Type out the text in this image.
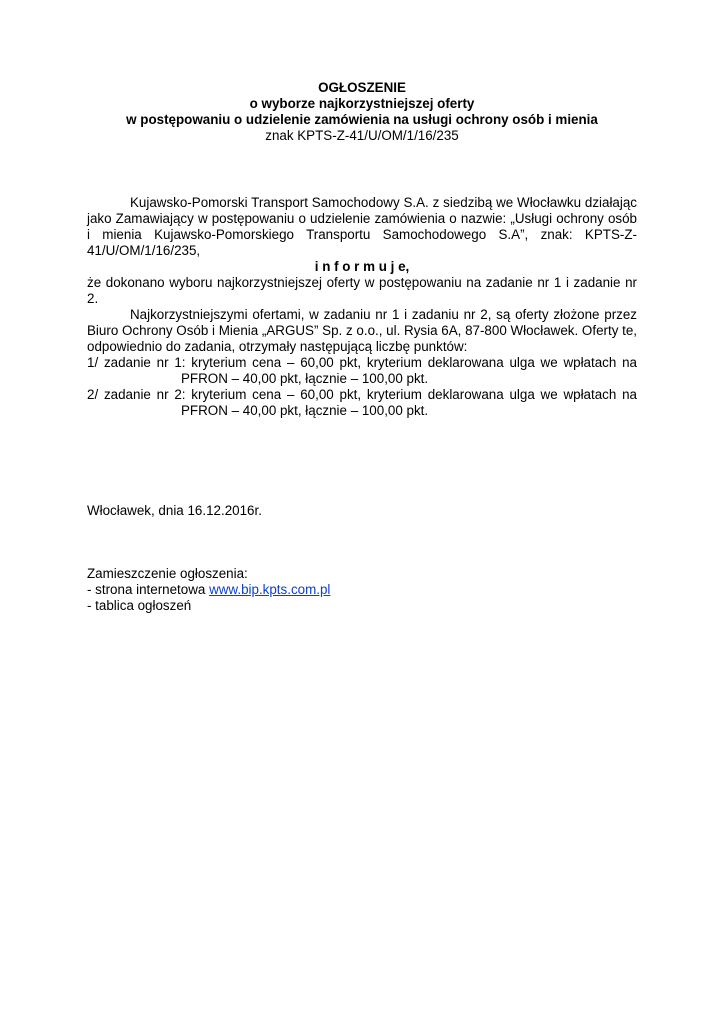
OGŁOSZENIE
o wyborze najkorzystniejszej oferty
w postępowaniu o udzielenie zamówienia na usługi ochrony osób i mienia
znak KPTS-Z-41/U/OM/1/16/235
Kujawsko-Pomorski Transport Samochodowy S.A. z siedzibą we Włocławku działając
jako Zamawiający w postępowaniu o udzielenie zamówienia o nazwie: „Usługi ochrony osób
i mienia Kujawsko-Pomorskiego Transportu Samochodowego S.A”, znak: KPTS-Z-
41/U/OM/1/16/235,
i n f o r m u j e,
że dokonano wyboru najkorzystniejszej oferty w postępowaniu na zadanie nr 1 i zadanie nr
2.
Najkorzystniejszymi ofertami, w zadaniu nr 1 i zadaniu nr 2, są oferty złożone przez
Biuro Ochrony Osób i Mienia „ARGUS” Sp. z o.o., ul. Rysia 6A, 87-800 Włocławek. Oferty te,
odpowiednio do zadania, otrzymały następującą liczbę punktów:
1/ zadanie nr 1: kryterium cena – 60,00 pkt, kryterium deklarowana ulga we wpłatach na
PFRON – 40,00 pkt, łącznie – 100,00 pkt.
2/ zadanie nr 2: kryterium cena – 60,00 pkt, kryterium deklarowana ulga we wpłatach na
PFRON – 40,00 pkt, łącznie – 100,00 pkt.
Włocławek, dnia 16.12.2016r.
Zamieszczenie ogłoszenia:
- strona internetowa www.bip.kpts.com.pl
- tablica ogłoszeń
